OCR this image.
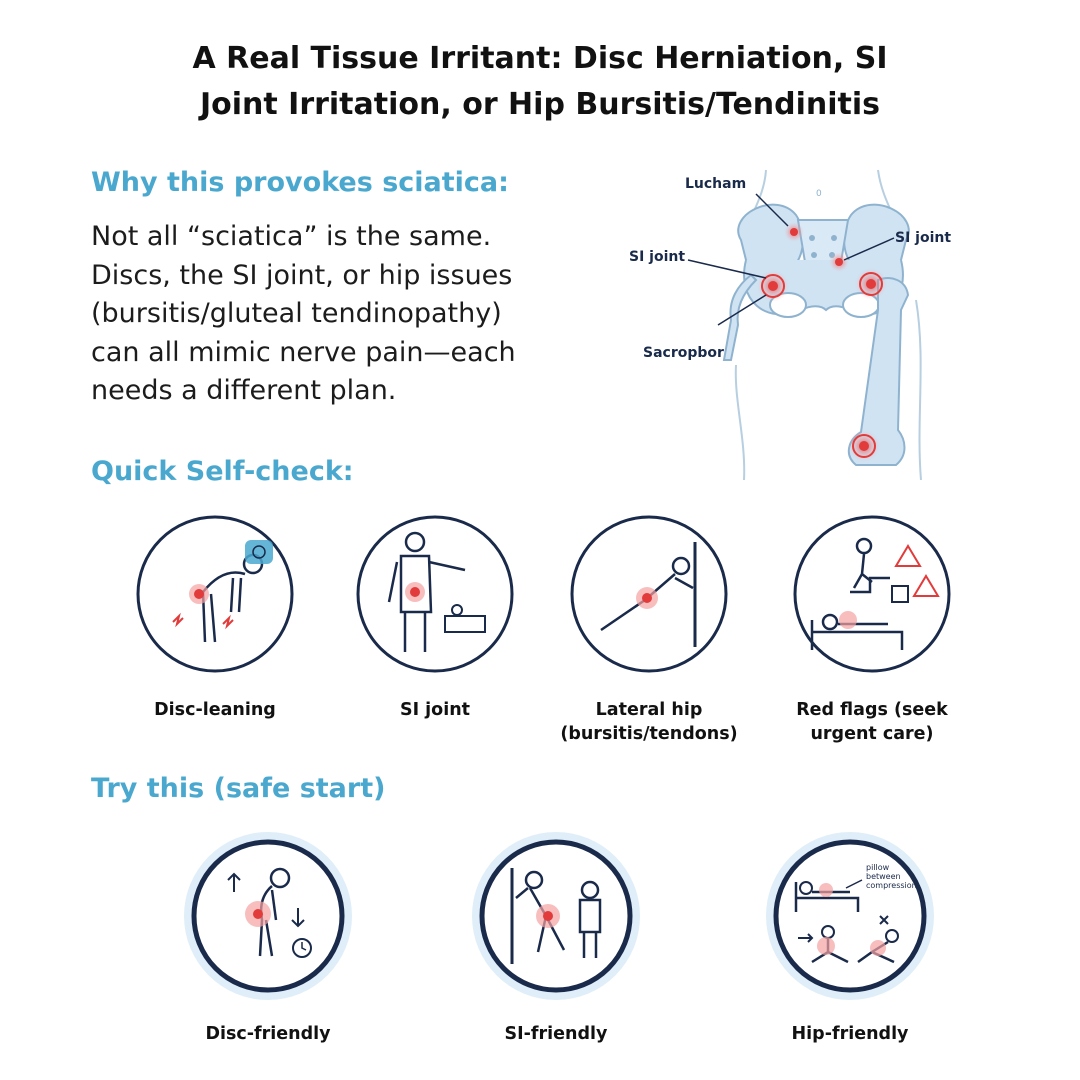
A Real Tissue Irritant: Disc Herniation, SI
Joint Irritation, or Hip Bursitis/Tendinitis
Why this provokes sciatica:
Not all “sciatica” is the same.
Discs, the SI joint, or hip issues
(bursitis/gluteal tendinopathy)
can all mimic nerve pain—each
needs a different plan.
Lucham
SI joint
SI joint
Sacropbor
0
Quick Self-check:
Disc-leaning	SI joint	Lateral hip
(bursitis/tendons)
Red flags (seek
urgent care)
Try this (safe start)
Disc-friendly	SI-friendly
pillow
between
compression
Hip-friendly
